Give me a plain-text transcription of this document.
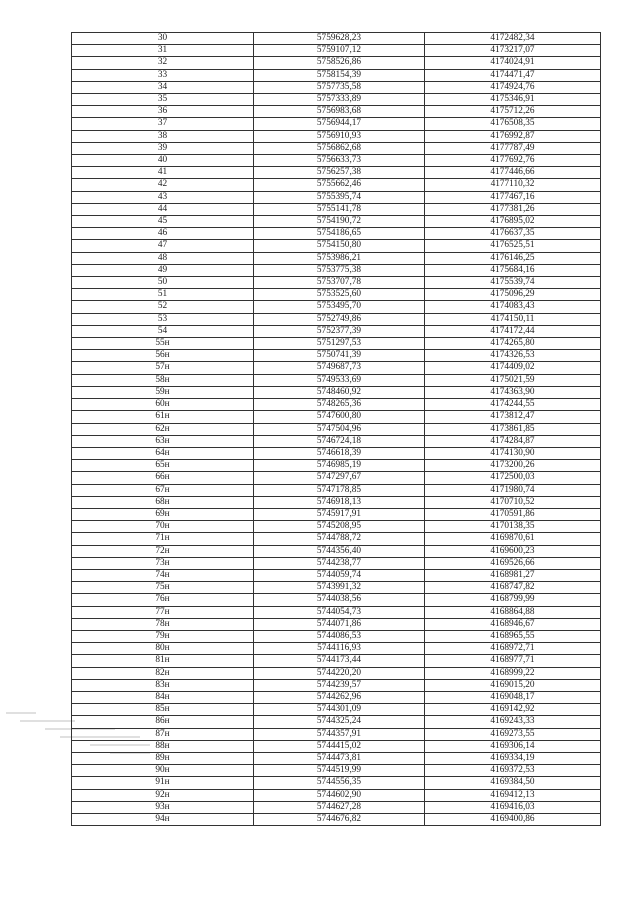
30	5759628,23	4172482,34
31	5759107,12	4173217,07
32	5758526,86	4174024,91
33	5758154,39	4174471,47
34	5757735,58	4174924,76
35	5757333,89	4175346,91
36	5756983,68	4175712,26
37	5756944,17	4176508,35
38	5756910,93	4176992,87
39	5756862,68	4177787,49
40	5756633,73	4177692,76
41	5756257,38	4177446,66
42	5755662,46	4177110,32
43	5755395,74	4177467,16
44	5755141,78	4177381,26
45	5754190,72	4176895,02
46	5754186,65	4176637,35
47	5754150,80	4176525,51
48	5753986,21	4176146,25
49	5753775,38	4175684,16
50	5753707,78	4175539,74
51	5753525,60	4175096,29
52	5753495,70	4174083,43
53	5752749,86	4174150,11
54	5752377,39	4174172,44
55н	5751297,53	4174265,80
56н	5750741,39	4174326,53
57н	5749687,73	4174409,02
58н	5749533,69	4175021,59
59н	5748460,92	4174363,90
60н	5748265,36	4174244,55
61н	5747600,80	4173812,47
62н	5747504,96	4173861,85
63н	5746724,18	4174284,87
64н	5746618,39	4174130,90
65н	5746985,19	4173200,26
66н	5747297,67	4172500,03
67н	5747178,85	4171980,74
68н	5746918,13	4170710,52
69н	5745917,91	4170591,86
70н	5745208,95	4170138,35
71н	5744788,72	4169870,61
72н	5744356,40	4169600,23
73н	5744238,77	4169526,66
74н	5744059,74	4168981,27
75н	5743991,32	4168747,82
76н	5744038,56	4168799,99
77н	5744054,73	4168864,88
78н	5744071,86	4168946,67
79н	5744086,53	4168965,55
80н	5744116,93	4168972,71
81н	5744173,44	4168977,71
82н	5744220,20	4168999,22
83н	5744239,57	4169015,20
84н	5744262,96	4169048,17
85н	5744301,09	4169142,92
86н	5744325,24	4169243,33
87н	5744357,91	4169273,55
88н	5744415,02	4169306,14
89н	5744473,81	4169334,19
90н	5744519,99	4169372,53
91н	5744556,35	4169384,50
92н	5744602,90	4169412,13
93н	5744627,28	4169416,03
94н	5744676,82	4169400,86
